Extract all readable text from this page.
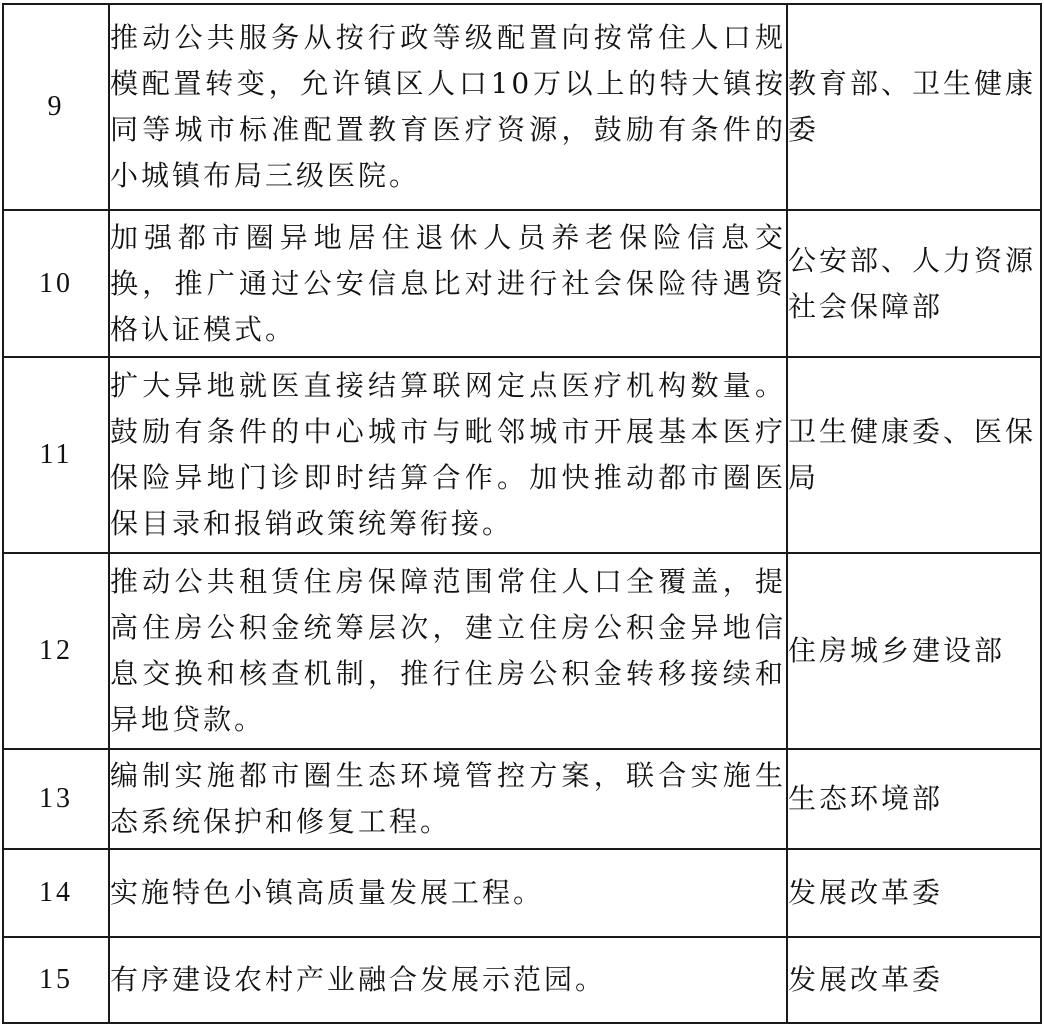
9	推动公共服务从按行政等级配置向按常住人口规模配置转变，允许镇区人口10万以上的特大镇按同等城市标准配置教育医疗资源，鼓励有条件的小城镇布局三级医院。	教育部、卫生健康委
10	加强都市圈异地居住退休人员养老保险信息交换，推广通过公安信息比对进行社会保险待遇资格认证模式。	公安部、人力资源社会保障部
11	扩大异地就医直接结算联网定点医疗机构数量。鼓励有条件的中心城市与毗邻城市开展基本医疗保险异地门诊即时结算合作。加快推动都市圈医保目录和报销政策统筹衔接。	卫生健康委、医保局
12	推动公共租赁住房保障范围常住人口全覆盖，提高住房公积金统筹层次，建立住房公积金异地信息交换和核查机制，推行住房公积金转移接续和异地贷款。	住房城乡建设部
13	编制实施都市圈生态环境管控方案，联合实施生态系统保护和修复工程。	生态环境部
14	实施特色小镇高质量发展工程。	发展改革委
15	有序建设农村产业融合发展示范园。	发展改革委
